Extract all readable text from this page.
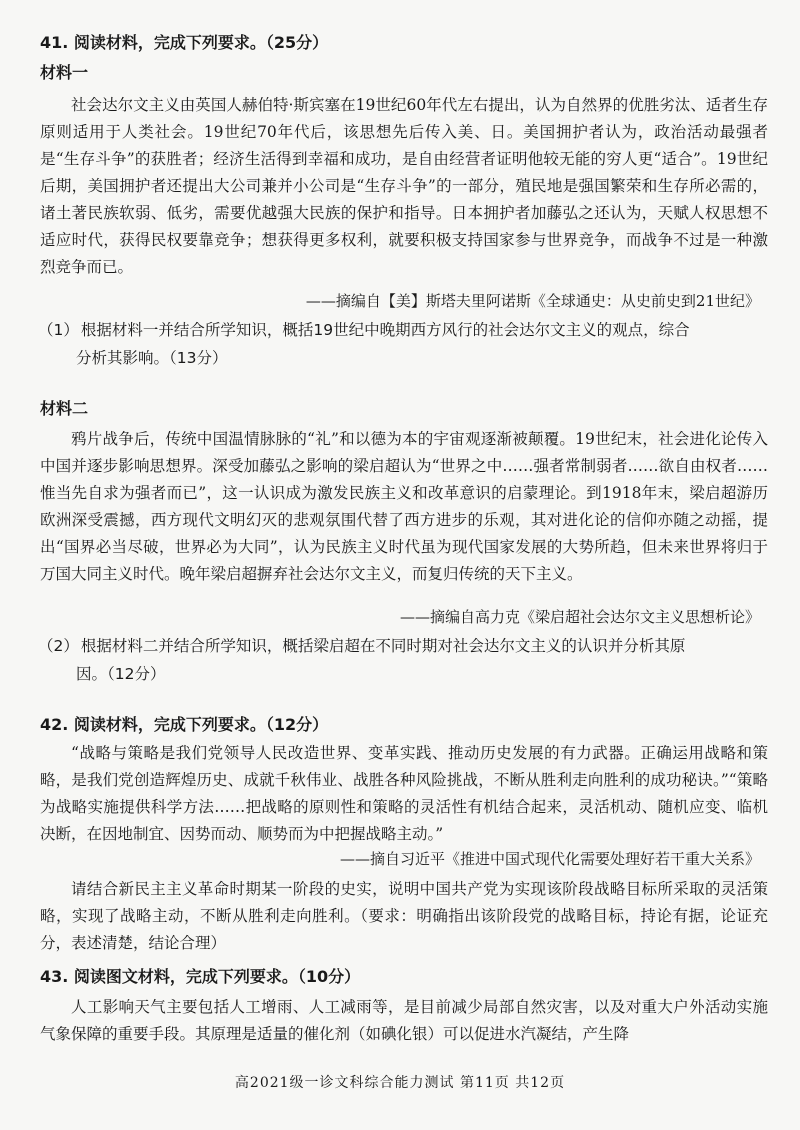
41. 阅读材料，完成下列要求。（25分）
材料一
社会达尔文主义由英国人赫伯特·斯宾塞在19世纪60年代左右提出，认为自然界的优胜劣汰、适者生存原则适用于人类社会。19世纪70年代后，该思想先后传入美、日。美国拥护者认为，政治活动最强者是“生存斗争”的获胜者；经济生活得到幸福和成功，是自由经营者证明他较无能的穷人更“适合”。19世纪后期，美国拥护者还提出大公司兼并小公司是“生存斗争”的一部分，殖民地是强国繁荣和生存所必需的，诸土著民族软弱、低劣，需要优越强大民族的保护和指导。日本拥护者加藤弘之还认为，天赋人权思想不适应时代，获得民权要靠竞争；想获得更多权利，就要积极支持国家参与世界竞争，而战争不过是一种激烈竞争而已。
——摘编自【美】斯塔夫里阿诺斯《全球通史：从史前史到21世纪》
（1） 根据材料一并结合所学知识，概括19世纪中晚期西方风行的社会达尔文主义的观点，综合
分析其影响。（13分）
材料二
鸦片战争后，传统中国温情脉脉的“礼”和以德为本的宇宙观逐渐被颠覆。19世纪末，社会进化论传入中国并逐步影响思想界。深受加藤弘之影响的梁启超认为“世界之中……强者常制弱者……欲自由权者……惟当先自求为强者而已”，这一认识成为激发民族主义和改革意识的启蒙理论。到1918年末，梁启超游历欧洲深受震撼，西方现代文明幻灭的悲观氛围代替了西方进步的乐观，其对进化论的信仰亦随之动摇，提出“国界必当尽破，世界必为大同”，认为民族主义时代虽为现代国家发展的大势所趋，但未来世界将归于万国大同主义时代。晚年梁启超摒弃社会达尔文主义，而复归传统的天下主义。
——摘编自高力克《梁启超社会达尔文主义思想析论》
（2） 根据材料二并结合所学知识，概括梁启超在不同时期对社会达尔文主义的认识并分析其原
因。（12分）
42. 阅读材料，完成下列要求。（12分）
“战略与策略是我们党领导人民改造世界、变革实践、推动历史发展的有力武器。正确运用战略和策略，是我们党创造辉煌历史、成就千秋伟业、战胜各种风险挑战，不断从胜利走向胜利的成功秘诀。”“策略为战略实施提供科学方法……把战略的原则性和策略的灵活性有机结合起来，灵活机动、随机应变、临机决断，在因地制宜、因势而动、顺势而为中把握战略主动。”
——摘自习近平《推进中国式现代化需要处理好若干重大关系》
请结合新民主主义革命时期某一阶段的史实，说明中国共产党为实现该阶段战略目标所采取的灵活策略，实现了战略主动，不断从胜利走向胜利。（要求：明确指出该阶段党的战略目标，持论有据，论证充分，表述清楚，结论合理）
43. 阅读图文材料，完成下列要求。（10分）
人工影响天气主要包括人工增雨、人工减雨等，是目前减少局部自然灾害，以及对重大户外活动实施气象保障的重要手段。其原理是适量的催化剂（如碘化银）可以促进水汽凝结，产生降
高2021级一诊文科综合能力测试 第11页 共12页
